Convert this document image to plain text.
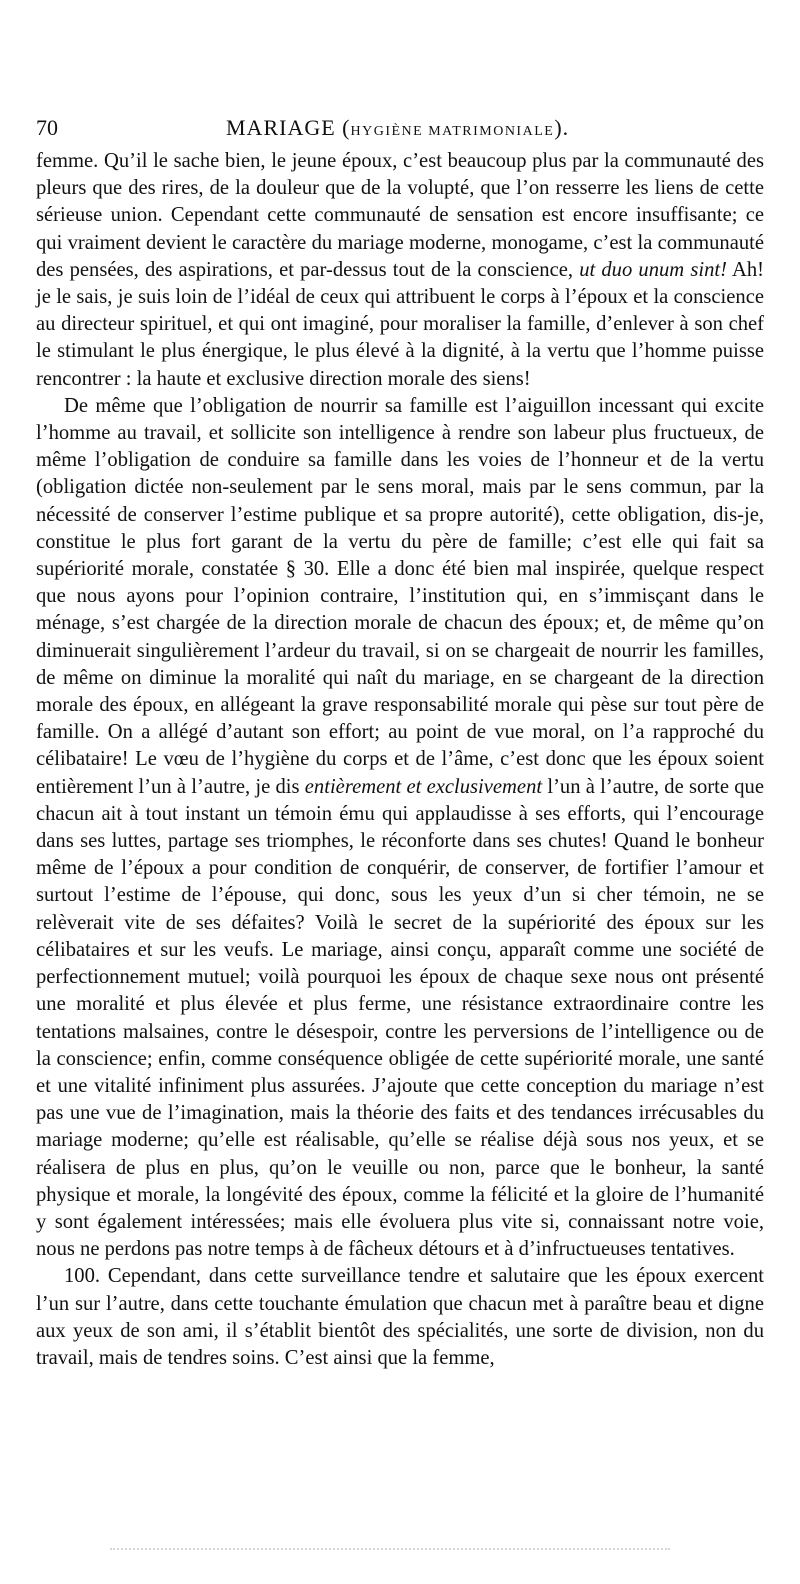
70	MARIAGE (HYGIÈNE MATRIMONIALE).

femme. Qu’il le sache bien, le jeune époux, c’est beaucoup plus par la communauté des pleurs que des rires, de la douleur que de la volupté, que l’on resserre les liens de cette sérieuse union. Cependant cette communauté de sensation est encore insuffisante; ce qui vraiment devient le caractère du mariage moderne, monogame, c’est la communauté des pensées, des aspirations, et par-dessus tout de la conscience, ut duo unum sint! Ah! je le sais, je suis loin de l’idéal de ceux qui attribuent le corps à l’époux et la conscience au directeur spirituel, et qui ont imaginé, pour moraliser la famille, d’enlever à son chef le stimulant le plus énergique, le plus élevé à la dignité, à la vertu que l’homme puisse rencontrer : la haute et exclusive direction morale des siens!

De même que l’obligation de nourrir sa famille est l’aiguillon incessant qui excite l’homme au travail, et sollicite son intelligence à rendre son labeur plus fructueux, de même l’obligation de conduire sa famille dans les voies de l’honneur et de la vertu (obligation dictée non-seulement par le sens moral, mais par le sens commun, par la nécessité de conserver l’estime publique et sa propre autorité), cette obligation, dis-je, constitue le plus fort garant de la vertu du père de famille; c’est elle qui fait sa supériorité morale, constatée § 30. Elle a donc été bien mal inspirée, quelque respect que nous ayons pour l’opinion contraire, l’institution qui, en s’immisçant dans le ménage, s’est chargée de la direction morale de chacun des époux; et, de même qu’on diminuerait singulièrement l’ardeur du travail, si on se chargeait de nourrir les familles, de même on diminue la moralité qui naît du mariage, en se chargeant de la direction morale des époux, en allégeant la grave responsabilité morale qui pèse sur tout père de famille. On a allégé d’autant son effort; au point de vue moral, on l’a rapproché du célibataire! Le vœu de l’hygiène du corps et de l’âme, c’est donc que les époux soient entièrement l’un à l’autre, je dis entièrement et exclusivement l’un à l’autre, de sorte que chacun ait à tout instant un témoin ému qui applaudisse à ses efforts, qui l’encourage dans ses luttes, partage ses triomphes, le réconforte dans ses chutes! Quand le bonheur même de l’époux a pour condition de conquérir, de conserver, de fortifier l’amour et surtout l’estime de l’épouse, qui donc, sous les yeux d’un si cher témoin, ne se relèverait vite de ses défaites? Voilà le secret de la supériorité des époux sur les célibataires et sur les veufs. Le mariage, ainsi conçu, apparaît comme une société de perfectionnement mutuel; voilà pourquoi les époux de chaque sexe nous ont présenté une moralité et plus élevée et plus ferme, une résistance extraordinaire contre les tentations malsaines, contre le désespoir, contre les perversions de l’intelligence ou de la conscience; enfin, comme conséquence obligée de cette supériorité morale, une santé et une vitalité infiniment plus assurées. J’ajoute que cette conception du mariage n’est pas une vue de l’imagination, mais la théorie des faits et des tendances irrécusables du mariage moderne; qu’elle est réalisable, qu’elle se réalise déjà sous nos yeux, et se réalisera de plus en plus, qu’on le veuille ou non, parce que le bonheur, la santé physique et morale, la longévité des époux, comme la félicité et la gloire de l’humanité y sont également intéressées; mais elle évoluera plus vite si, connaissant notre voie, nous ne perdons pas notre temps à de fâcheux détours et à d’infructueuses tentatives.

100. Cependant, dans cette surveillance tendre et salutaire que les époux exercent l’un sur l’autre, dans cette touchante émulation que chacun met à paraître beau et digne aux yeux de son ami, il s’établit bientôt des spécialités, une sorte de division, non du travail, mais de tendres soins. C’est ainsi que la femme,
